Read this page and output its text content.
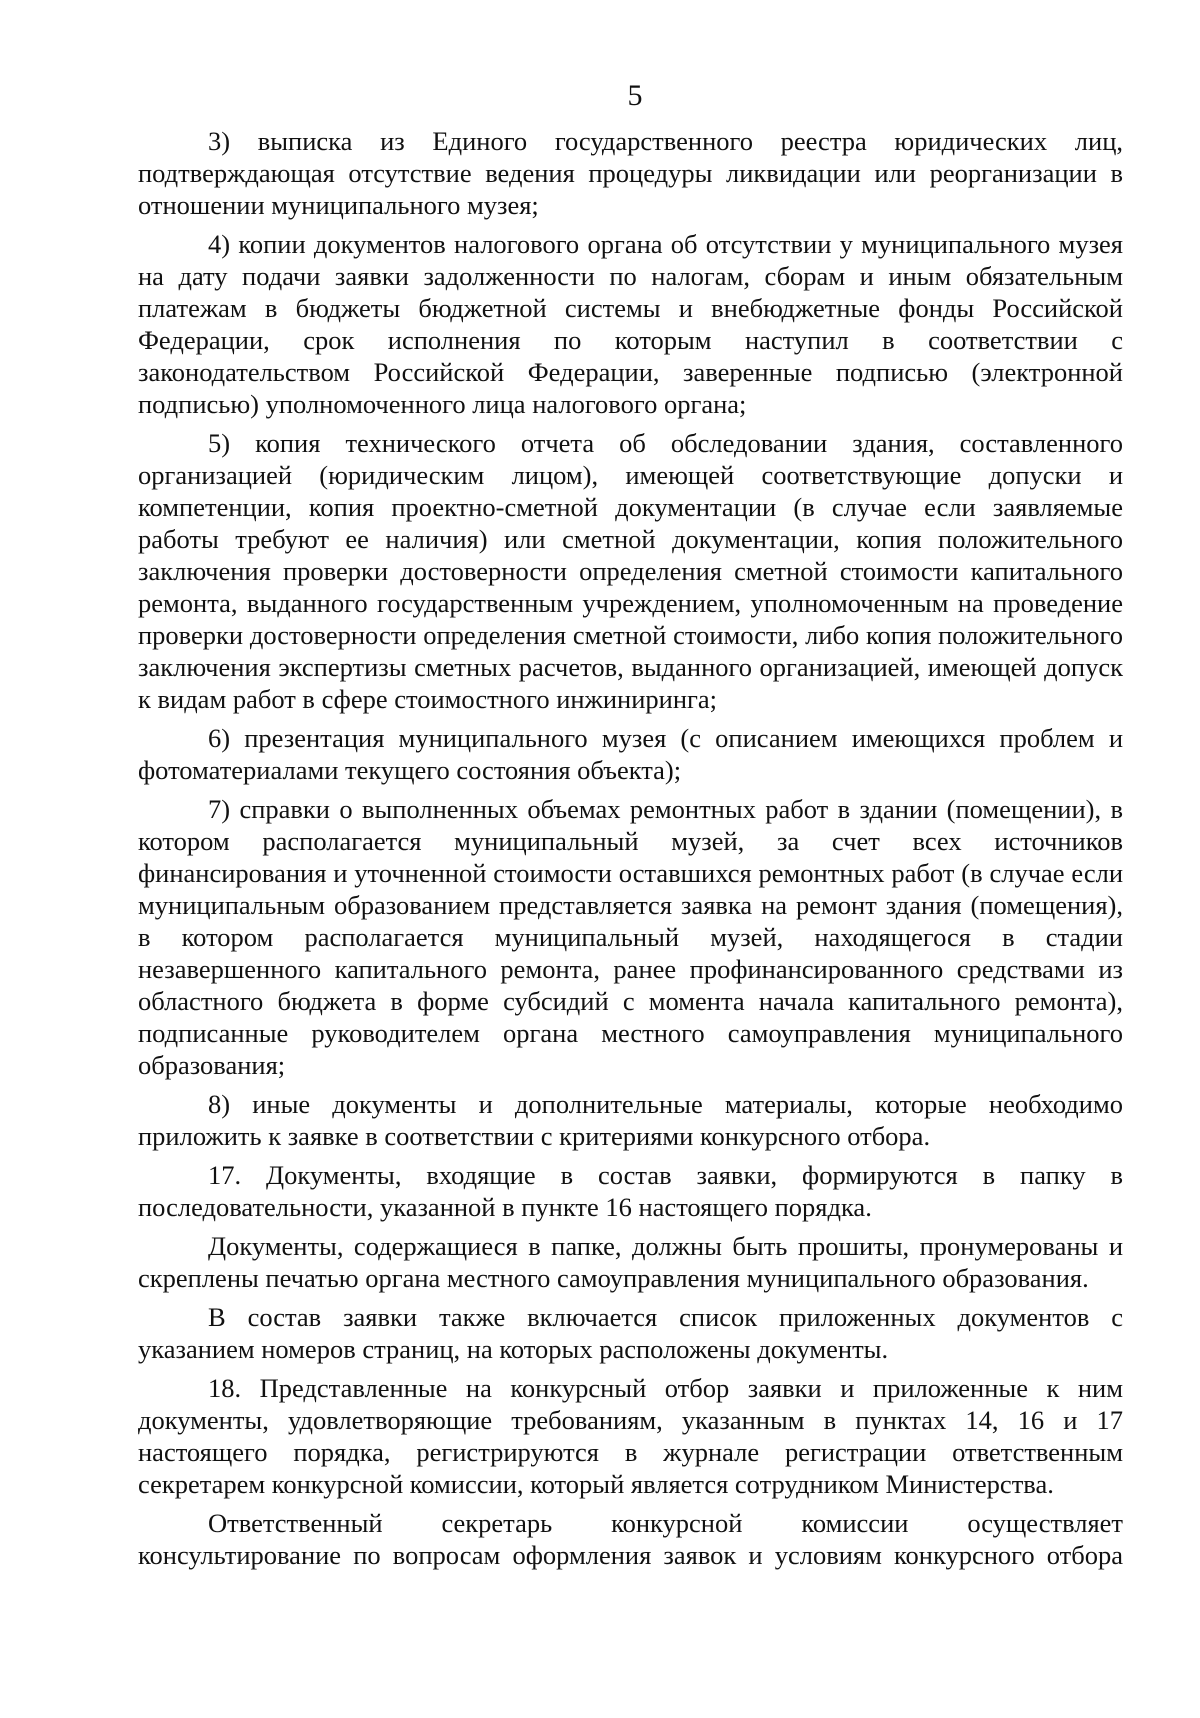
5

3) выписка из Единого государственного реестра юридических лиц, подтверждающая отсутствие ведения процедуры ликвидации или реорганизации в отношении муниципального музея;

4) копии документов налогового органа об отсутствии у муниципального музея на дату подачи заявки задолженности по налогам, сборам и иным обязательным платежам в бюджеты бюджетной системы и внебюджетные фонды Российской Федерации, срок исполнения по которым наступил в соответствии с законодательством Российской Федерации, заверенные подписью (электронной подписью) уполномоченного лица налогового органа;

5) копия технического отчета об обследовании здания, составленного организацией (юридическим лицом), имеющей соответствующие допуски и компетенции, копия проектно-сметной документации (в случае если заявляемые работы требуют ее наличия) или сметной документации, копия положительного заключения проверки достоверности определения сметной стоимости капитального ремонта, выданного государственным учреждением, уполномоченным на проведение проверки достоверности определения сметной стоимости, либо копия положительного заключения экспертизы сметных расчетов, выданного организацией, имеющей допуск к видам работ в сфере стоимостного инжиниринга;

6) презентация муниципального музея (с описанием имеющихся проблем и фотоматериалами текущего состояния объекта);

7) справки о выполненных объемах ремонтных работ в здании (помещении), в котором располагается муниципальный музей, за счет всех источников финансирования и уточненной стоимости оставшихся ремонтных работ (в случае если муниципальным образованием представляется заявка на ремонт здания (помещения), в котором располагается муниципальный музей, находящегося в стадии незавершенного капитального ремонта, ранее профинансированного средствами из областного бюджета в форме субсидий с момента начала капитального ремонта), подписанные руководителем органа местного самоуправления муниципального образования;

8) иные документы и дополнительные материалы, которые необходимо приложить к заявке в соответствии с критериями конкурсного отбора.

17. Документы, входящие в состав заявки, формируются в папку в последовательности, указанной в пункте 16 настоящего порядка.

Документы, содержащиеся в папке, должны быть прошиты, пронумерованы и скреплены печатью органа местного самоуправления муниципального образования.

В состав заявки также включается список приложенных документов с указанием номеров страниц, на которых расположены документы.

18. Представленные на конкурсный отбор заявки и приложенные к ним документы, удовлетворяющие требованиям, указанным в пунктах 14, 16 и 17 настоящего порядка, регистрируются в журнале регистрации ответственным секретарем конкурсной комиссии, который является сотрудником Министерства.

Ответственный секретарь конкурсной комиссии осуществляет консультирование по вопросам оформления заявок и условиям конкурсного отбора
